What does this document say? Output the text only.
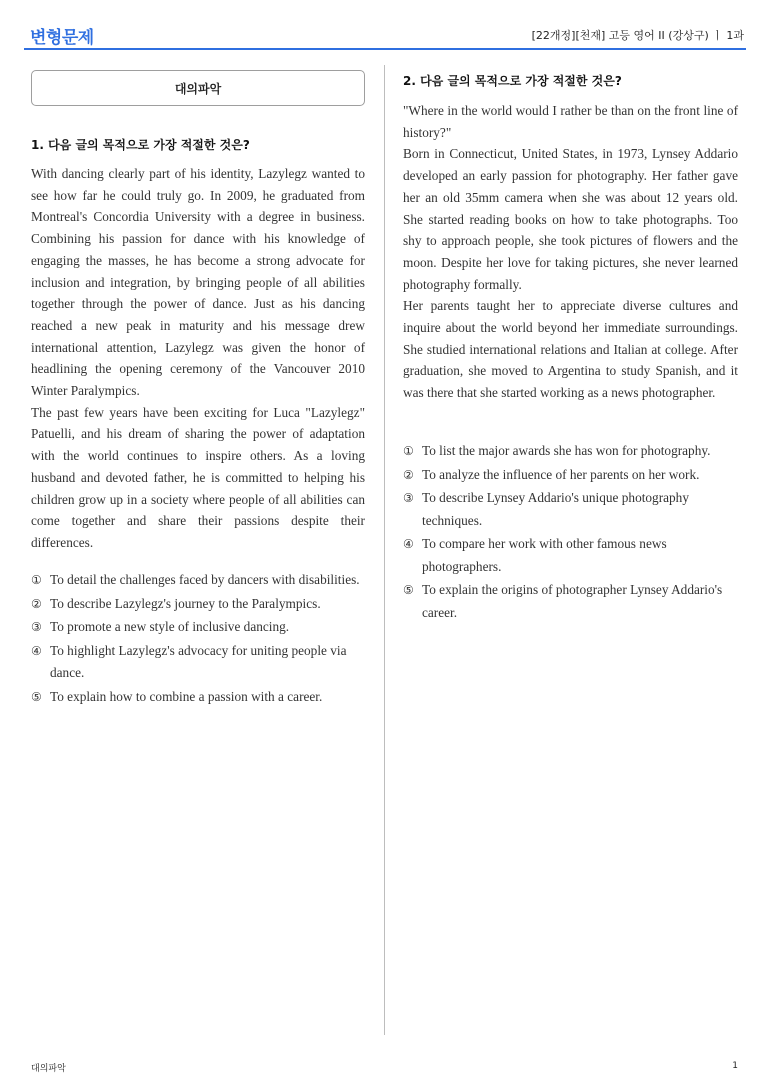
변형문제	[22개정][천재] 고등 영어 II (강상구) ㅣ 1과
대의파악
1. 다음 글의 목적으로 가장 적절한 것은?

With dancing clearly part of his identity, Lazylegz wanted to see how far he could truly go. In 2009, he graduated from Montreal's Concordia University with a degree in business. Combining his passion for dance with his knowledge of engaging the masses, he has become a strong advocate for inclusion and integration, by bringing people of all abilities together through the power of dance. Just as his dancing reached a new peak in maturity and his message drew international attention, Lazylegz was given the honor of headlining the opening ceremony of the Vancouver 2010 Winter Paralympics.

The past few years have been exciting for Luca "Lazylegz" Patuelli, and his dream of sharing the power of adaptation with the world continues to inspire others. As a loving husband and devoted father, he is committed to helping his children grow up in a society where people of all abilities can come together and share their passions despite their differences.

① To detail the challenges faced by dancers with disabilities.
② To describe Lazylegz's journey to the Paralympics.
③ To promote a new style of inclusive dancing.
④ To highlight Lazylegz's advocacy for uniting people via dance.
⑤ To explain how to combine a passion with a career.
2. 다음 글의 목적으로 가장 적절한 것은?

"Where in the world would I rather be than on the front line of history?"

Born in Connecticut, United States, in 1973, Lynsey Addario developed an early passion for photography. Her father gave her an old 35mm camera when she was about 12 years old. She started reading books on how to take photographs. Too shy to approach people, she took pictures of flowers and the moon. Despite her love for taking pictures, she never learned photography formally.

Her parents taught her to appreciate diverse cultures and inquire about the world beyond her immediate surroundings. She studied international relations and Italian at college. After graduation, she moved to Argentina to study Spanish, and it was there that she started working as a news photographer.

① To list the major awards she has won for photography.
② To analyze the influence of her parents on her work.
③ To describe Lynsey Addario's unique photography techniques.
④ To compare her work with other famous news photographers.
⑤ To explain the origins of photographer Lynsey Addario's career.
대의파악	1
